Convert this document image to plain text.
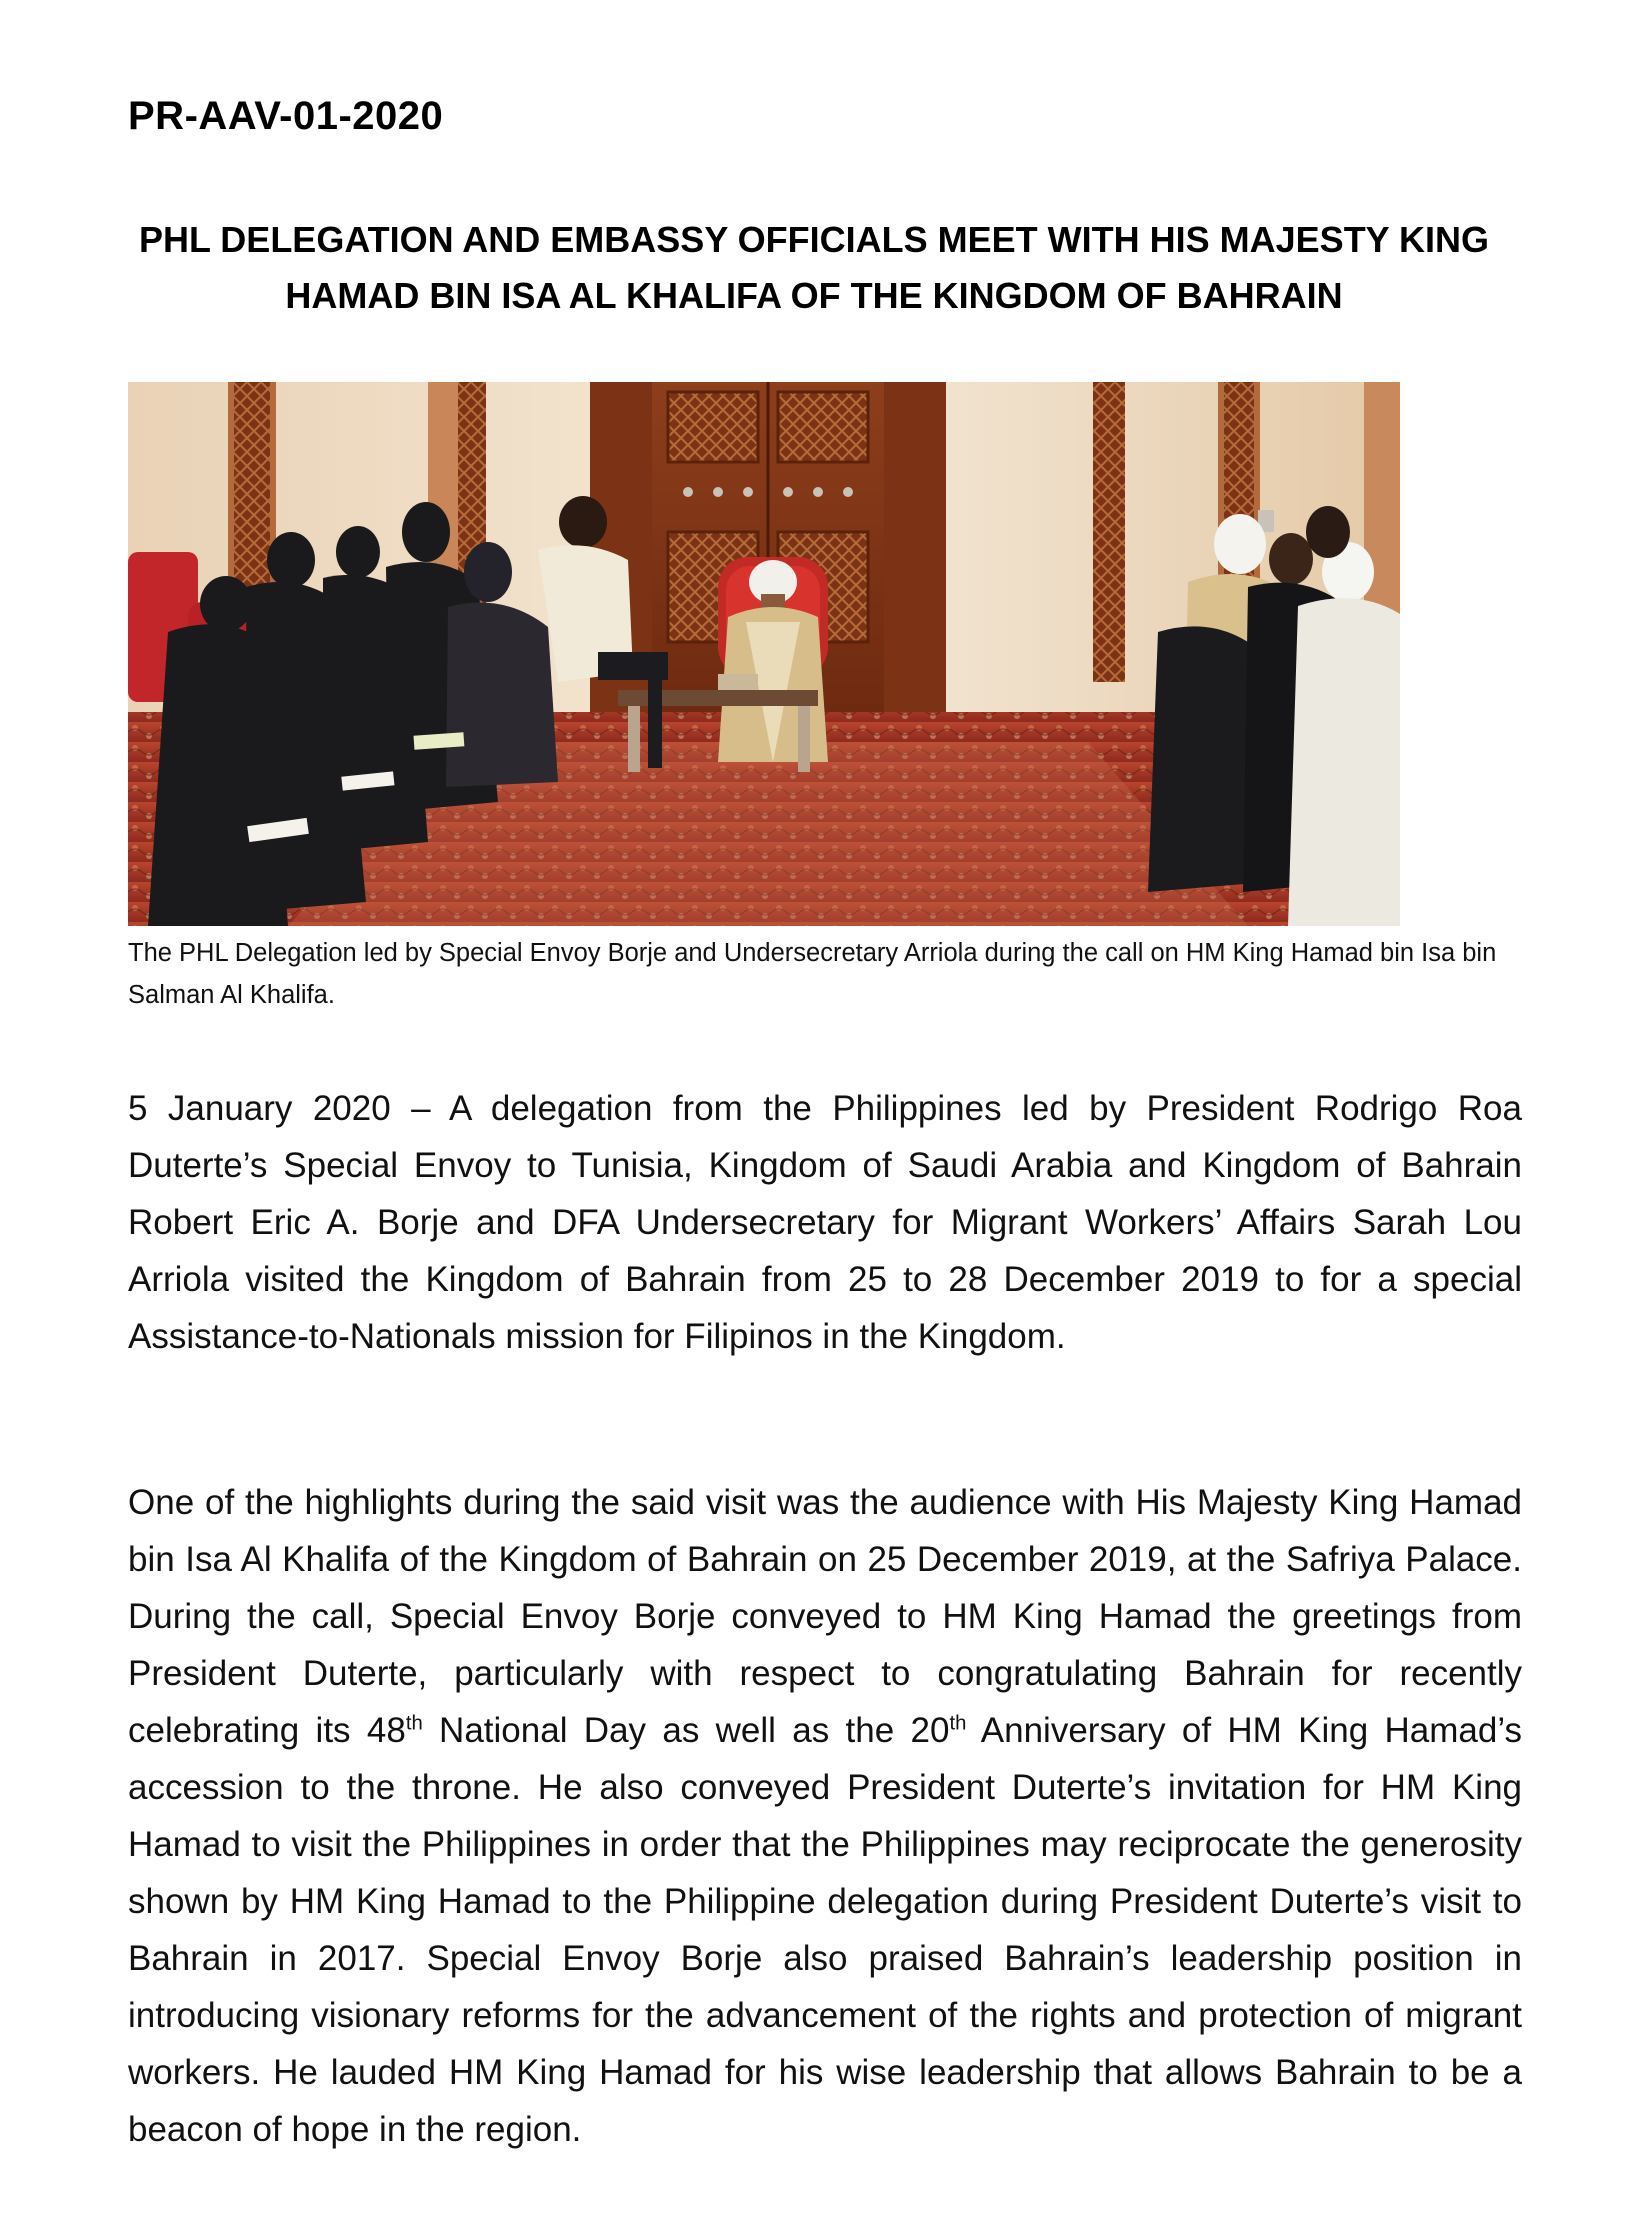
PR-AAV-01-2020
PHL DELEGATION AND EMBASSY OFFICIALS MEET WITH HIS MAJESTY KING
HAMAD BIN ISA AL KHALIFA OF THE KINGDOM OF BAHRAIN

The PHL Delegation led by Special Envoy Borje and Undersecretary Arriola during the call on HM King Hamad bin Isa bin Salman Al Khalifa.

5 January 2020 – A delegation from the Philippines led by President Rodrigo Roa Duterte’s Special Envoy to Tunisia, Kingdom of Saudi Arabia and Kingdom of Bahrain Robert Eric A. Borje and DFA Undersecretary for Migrant Workers’ Affairs Sarah Lou Arriola visited the Kingdom of Bahrain from 25 to 28 December 2019 to for a special Assistance-to-Nationals mission for Filipinos in the Kingdom.

One of the highlights during the said visit was the audience with His Majesty King Hamad bin Isa Al Khalifa of the Kingdom of Bahrain on 25 December 2019, at the Safriya Palace. During the call, Special Envoy Borje conveyed to HM King Hamad the greetings from President Duterte, particularly with respect to congratulating Bahrain for recently celebrating its 48th National Day as well as the 20th Anniversary of HM King Hamad’s accession to the throne. He also conveyed President Duterte’s invitation for HM King Hamad to visit the Philippines in order that the Philippines may reciprocate the generosity shown by HM King Hamad to the Philippine delegation during President Duterte’s visit to Bahrain in 2017. Special Envoy Borje also praised Bahrain’s leadership position in introducing visionary reforms for the advancement of the rights and protection of migrant workers. He lauded HM King Hamad for his wise leadership that allows Bahrain to be a beacon of hope in the region.
